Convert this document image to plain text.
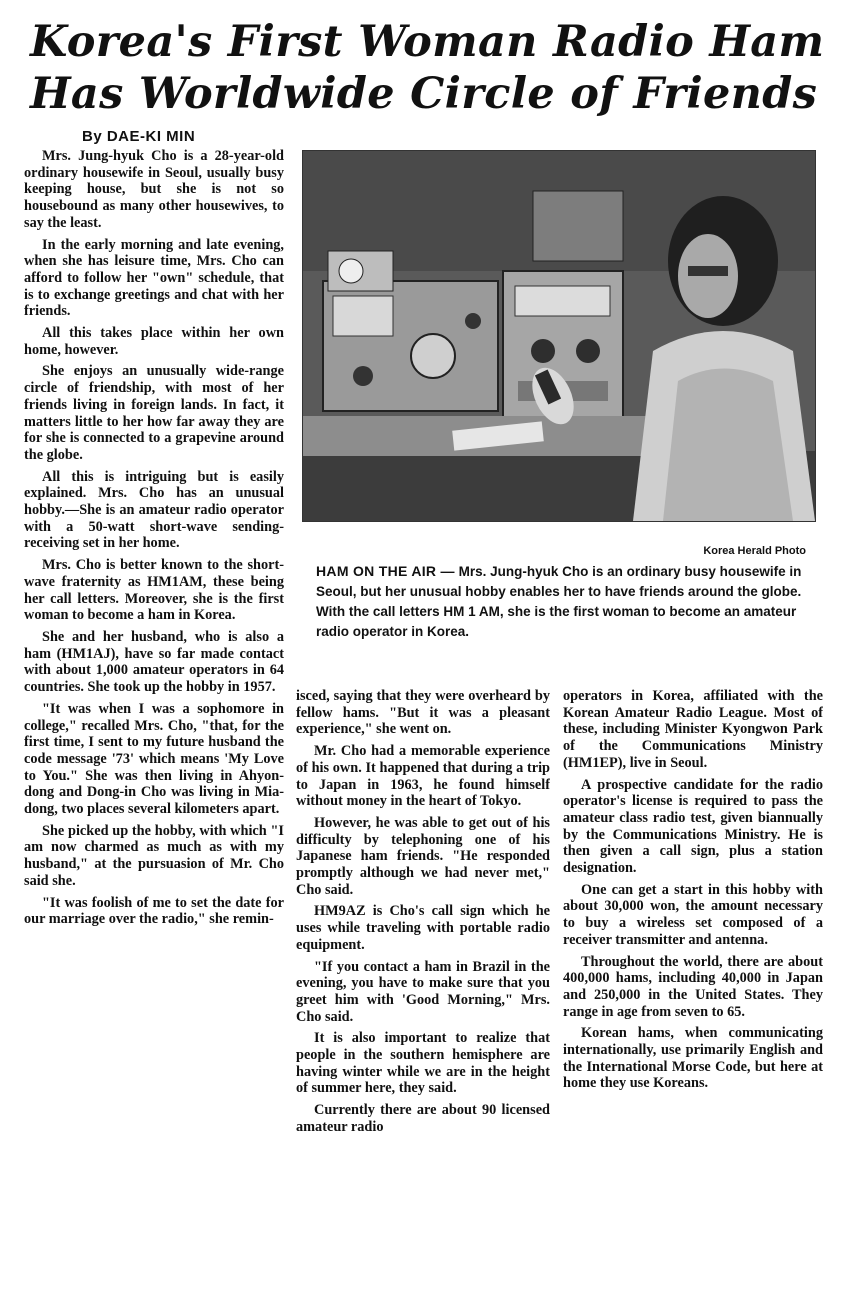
Korea's First Woman Radio Ham
Has Worldwide Circle of Friends
By DAE-KI MIN

Mrs. Jung-hyuk Cho is a 28-year-old ordinary housewife in Seoul, usually busy keeping house, but she is not so housebound as many other housewives, to say the least.

In the early morning and late evening, when she has leisure time, Mrs. Cho can afford to follow her "own" schedule, that is to exchange greetings and chat with her friends.

All this takes place within her own home, however.

She enjoys an unusually wide-range circle of friendship, with most of her friends living in foreign lands. In fact, it matters little to her how far away they are for she is connected to a grapevine around the globe.

All this is intriguing but is easily explained. Mrs. Cho has an unusual hobby.—She is an amateur radio operator with a 50-watt short-wave sending-receiving set in her home.

Mrs. Cho is better known to the short-wave fraternity as HM1AM, these being her call letters. Moreover, she is the first woman to become a ham in Korea.

She and her husband, who is also a ham (HM1AJ), have so far made contact with about 1,000 amateur operators in 64 countries. She took up the hobby in 1957.

"It was when I was a sophomore in college," recalled Mrs. Cho, "that, for the first time, I sent to my future husband the code message '73' which means 'My Love to You." She was then living in Ahyon-dong and Dong-in Cho was living in Mia-dong, two places several kilometers apart.

She picked up the hobby, with which "I am now charmed as much as with my husband," at the pursuasion of Mr. Cho said she.

"It was foolish of me to set the date for our marriage over the radio," she remin-

Korea Herald Photo
HAM ON THE AIR — Mrs. Jung-hyuk Cho is an ordinary busy housewife in Seoul, but her unusual hobby enables her to have friends around the globe. With the call letters HM 1 AM, she is the first woman to become an amateur radio operator in Korea.

isced, saying that they were overheard by fellow hams. "But it was a pleasant experience," she went on.

Mr. Cho had a memorable experience of his own. It happened that during a trip to Japan in 1963, he found himself without money in the heart of Tokyo.

However, he was able to get out of his difficulty by telephoning one of his Japanese ham friends. "He responded promptly although we had never met," Cho said.

HM9AZ is Cho's call sign which he uses while traveling with portable radio equipment.

"If you contact a ham in Brazil in the evening, you have to make sure that you greet him with 'Good Morning," Mrs. Cho said.

It is also important to realize that people in the southern hemisphere are having winter while we are in the height of summer here, they said.

Currently there are about 90 licensed amateur radio

operators in Korea, affiliated with the Korean Amateur Radio League. Most of these, including Minister Kyongwon Park of the Communications Ministry (HM1EP), live in Seoul.

A prospective candidate for the radio operator's license is required to pass the amateur class radio test, given biannually by the Communications Ministry. He is then given a call sign, plus a station designation.

One can get a start in this hobby with about 30,000 won, the amount necessary to buy a wireless set composed of a receiver transmitter and antenna.

Throughout the world, there are about 400,000 hams, including 40,000 in Japan and 250,000 in the United States. They range in age from seven to 65.

Korean hams, when communicating internationally, use primarily English and the International Morse Code, but here at home they use Koreans.
